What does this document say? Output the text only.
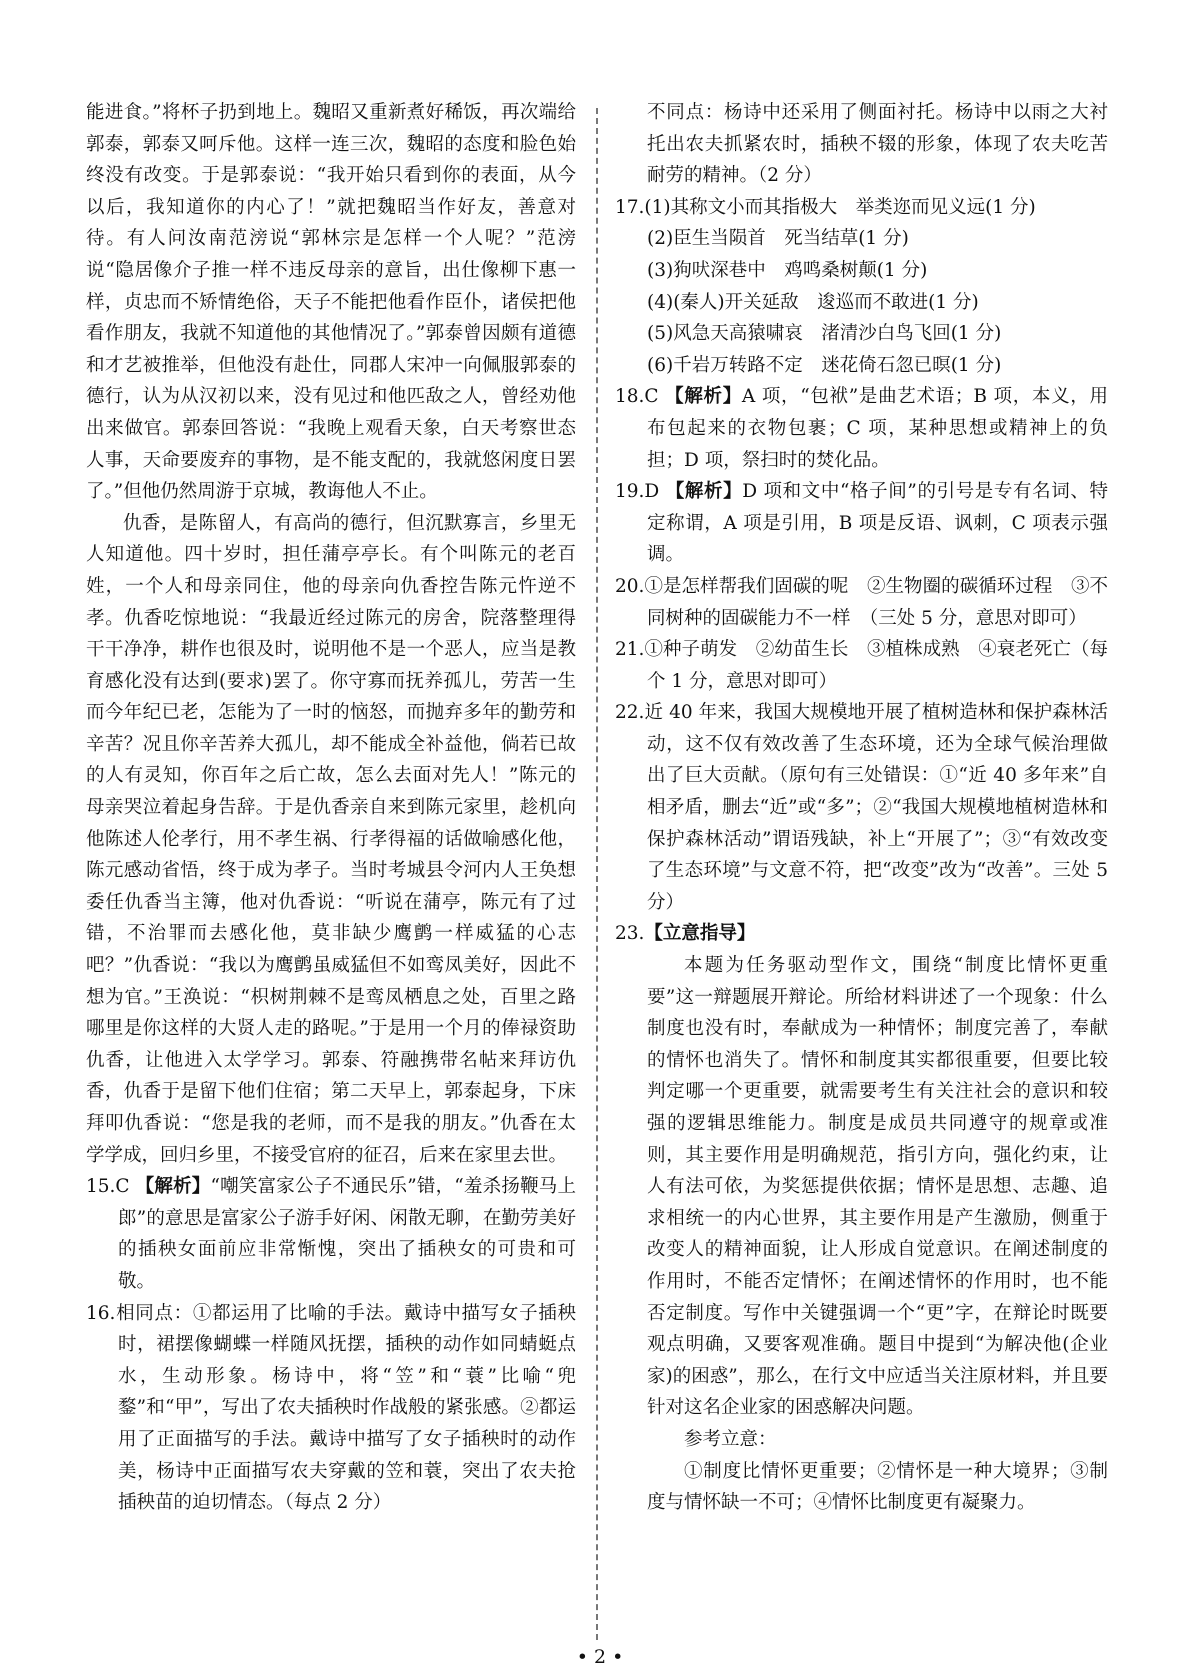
能进食。”将杯子扔到地上。魏昭又重新煮好稀饭，再次端给郭泰，郭泰又呵斥他。这样一连三次，魏昭的态度和脸色始终没有改变。于是郭泰说：“我开始只看到你的表面，从今以后，我知道你的内心了！”就把魏昭当作好友，善意对待。有人问汝南范滂说“郭林宗是怎样一个人呢？”范滂说“隐居像介子推一样不违反母亲的意旨，出仕像柳下惠一样，贞忠而不矫情绝俗，天子不能把他看作臣仆，诸侯把他看作朋友，我就不知道他的其他情况了。”郭泰曾因颇有道德和才艺被推举，但他没有赴仕，同郡人宋冲一向佩服郭泰的德行，认为从汉初以来，没有见过和他匹敌之人，曾经劝他出来做官。郭泰回答说：“我晚上观看天象，白天考察世态人事，天命要废弃的事物，是不能支配的，我就悠闲度日罢了。”但他仍然周游于京城，教诲他人不止。

仇香，是陈留人，有高尚的德行，但沉默寡言，乡里无人知道他。四十岁时，担任蒲亭亭长。有个叫陈元的老百姓，一个人和母亲同住，他的母亲向仇香控告陈元忤逆不孝。仇香吃惊地说：“我最近经过陈元的房舍，院落整理得干干净净，耕作也很及时，说明他不是一个恶人，应当是教育感化没有达到(要求)罢了。你守寡而抚养孤儿，劳苦一生而今年纪已老，怎能为了一时的恼怒，而抛弃多年的勤劳和辛苦？况且你辛苦养大孤儿，却不能成全补益他，倘若已故的人有灵知，你百年之后亡故，怎么去面对先人！”陈元的母亲哭泣着起身告辞。于是仇香亲自来到陈元家里，趁机向他陈述人伦孝行，用不孝生祸、行孝得福的话做喻感化他，陈元感动省悟，终于成为孝子。当时考城县令河内人王奂想委任仇香当主簿，他对仇香说：“听说在蒲亭，陈元有了过错，不治罪而去感化他，莫非缺少鹰鹯一样威猛的心志吧？”仇香说：“我以为鹰鹯虽威猛但不如鸾凤美好，因此不想为官。”王涣说：“枳树荆棘不是鸾凤栖息之处，百里之路哪里是你这样的大贤人走的路呢。”于是用一个月的俸禄资助仇香，让他进入太学学习。郭泰、符融携带名帖来拜访仇香，仇香于是留下他们住宿；第二天早上，郭泰起身，下床拜叩仇香说：“您是我的老师，而不是我的朋友。”仇香在太学学成，回归乡里，不接受官府的征召，后来在家里去世。

15.C 【解析】“嘲笑富家公子不通民乐”错，“羞杀扬鞭马上郎”的意思是富家公子游手好闲、闲散无聊，在勤劳美好的插秧女面前应非常惭愧，突出了插秧女的可贵和可敬。

16.相同点：①都运用了比喻的手法。戴诗中描写女子插秧时，裙摆像蝴蝶一样随风抚摆，插秧的动作如同蜻蜓点水，生动形象。杨诗中，将“笠”和“蓑”比喻“兜鍪”和“甲”，写出了农夫插秧时作战般的紧张感。②都运用了正面描写的手法。戴诗中描写了女子插秧时的动作美，杨诗中正面描写农夫穿戴的笠和蓑，突出了农夫抢插秧苗的迫切情态。（每点 2 分）

不同点：杨诗中还采用了侧面衬托。杨诗中以雨之大衬托出农夫抓紧农时，插秧不辍的形象，体现了农夫吃苦耐劳的精神。（2 分）

17.(1)其称文小而其指极大　举类迩而见义远(1 分)

(2)臣生当陨首　死当结草(1 分)

(3)狗吠深巷中　鸡鸣桑树颠(1 分)

(4)(秦人)开关延敌　逡巡而不敢进(1 分)

(5)风急天高猿啸哀　渚清沙白鸟飞回(1 分)

(6)千岩万转路不定　迷花倚石忽已暝(1 分)

18.C 【解析】A 项，“包袱”是曲艺术语；B 项，本义，用布包起来的衣物包裹；C 项，某种思想或精神上的负担；D 项，祭扫时的焚化品。

19.D 【解析】D 项和文中“格子间”的引号是专有名词、特定称谓，A 项是引用，B 项是反语、讽刺，C 项表示强调。

20.①是怎样帮我们固碳的呢　②生物圈的碳循环过程　③不同树种的固碳能力不一样　（三处 5 分，意思对即可）

21.①种子萌发　②幼苗生长　③植株成熟　④衰老死亡（每个 1 分，意思对即可）

22.近 40 年来，我国大规模地开展了植树造林和保护森林活动，这不仅有效改善了生态环境，还为全球气候治理做出了巨大贡献。（原句有三处错误：①“近 40 多年来”自相矛盾，删去“近”或“多”；②“我国大规模地植树造林和保护森林活动”谓语残缺，补上“开展了”；③“有效改变了生态环境”与文意不符，把“改变”改为“改善”。三处 5 分）

23.【立意指导】

本题为任务驱动型作文，围绕“制度比情怀更重要”这一辩题展开辩论。所给材料讲述了一个现象：什么制度也没有时，奉献成为一种情怀；制度完善了，奉献的情怀也消失了。情怀和制度其实都很重要，但要比较判定哪一个更重要，就需要考生有关注社会的意识和较强的逻辑思维能力。制度是成员共同遵守的规章或准则，其主要作用是明确规范，指引方向，强化约束，让人有法可依，为奖惩提供依据；情怀是思想、志趣、追求相统一的内心世界，其主要作用是产生激励，侧重于改变人的精神面貌，让人形成自觉意识。在阐述制度的作用时，不能否定情怀；在阐述情怀的作用时，也不能否定制度。写作中关键强调一个“更”字，在辩论时既要观点明确，又要客观准确。题目中提到“为解决他(企业家)的困惑”，那么，在行文中应适当关注原材料，并且要针对这名企业家的困惑解决问题。

参考立意：

①制度比情怀更重要；②情怀是一种大境界；③制度与情怀缺一不可；④情怀比制度更有凝聚力。

• 2 •
